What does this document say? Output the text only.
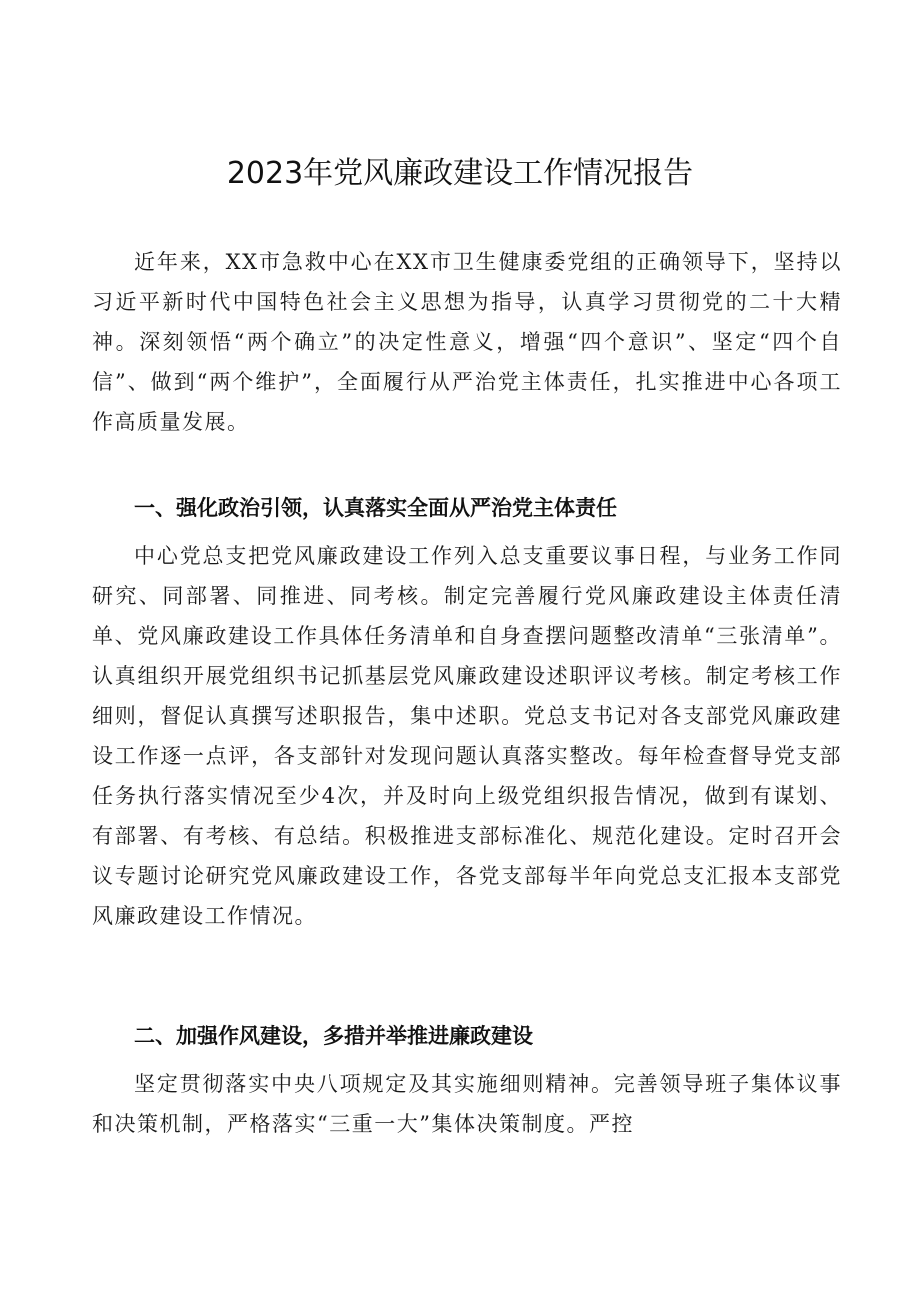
2023年党风廉政建设工作情况报告

近年来，XX市急救中心在XX市卫生健康委党组的正确领导下，坚持以习近平新时代中国特色社会主义思想为指导，认真学习贯彻党的二十大精神。深刻领悟“两个确立”的决定性意义，增强“四个意识”、坚定“四个自信”、做到“两个维护”，全面履行从严治党主体责任，扎实推进中心各项工作高质量发展。

一、强化政治引领，认真落实全面从严治党主体责任

中心党总支把党风廉政建设工作列入总支重要议事日程，与业务工作同研究、同部署、同推进、同考核。制定完善履行党风廉政建设主体责任清单、党风廉政建设工作具体任务清单和自身查摆问题整改清单“三张清单”。认真组织开展党组织书记抓基层党风廉政建设述职评议考核。制定考核工作细则，督促认真撰写述职报告，集中述职。党总支书记对各支部党风廉政建设工作逐一点评，各支部针对发现问题认真落实整改。每年检查督导党支部任务执行落实情况至少4次，并及时向上级党组织报告情况，做到有谋划、有部署、有考核、有总结。积极推进支部标准化、规范化建设。定时召开会议专题讨论研究党风廉政建设工作，各党支部每半年向党总支汇报本支部党风廉政建设工作情况。

二、加强作风建设，多措并举推进廉政建设

坚定贯彻落实中央八项规定及其实施细则精神。完善领导班子集体议事和决策机制，严格落实“三重一大”集体决策制度。严控
